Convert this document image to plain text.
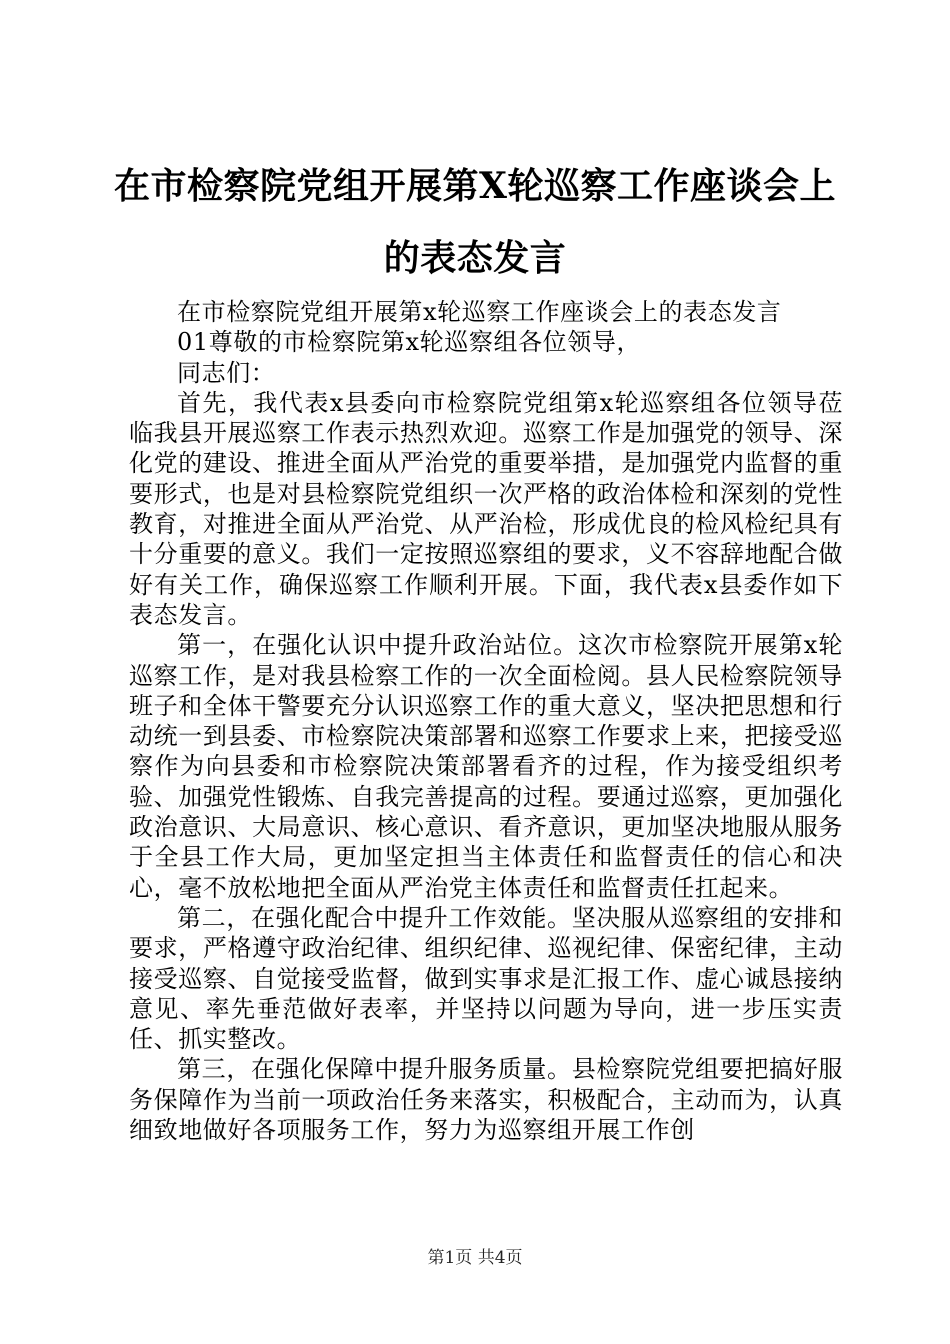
在市检察院党组开展第X轮巡察工作座谈会上的表态发言

在市检察院党组开展第x轮巡察工作座谈会上的表态发言

01尊敬的市检察院第x轮巡察组各位领导，

同志们：

首先，我代表x县委向市检察院党组第x轮巡察组各位领导莅临我县开展巡察工作表示热烈欢迎。巡察工作是加强党的领导、深化党的建设、推进全面从严治党的重要举措，是加强党内监督的重要形式，也是对县检察院党组织一次严格的政治体检和深刻的党性教育，对推进全面从严治党、从严治检，形成优良的检风检纪具有十分重要的意义。我们一定按照巡察组的要求，义不容辞地配合做好有关工作，确保巡察工作顺利开展。下面，我代表x县委作如下表态发言。

第一，在强化认识中提升政治站位。这次市检察院开展第x轮巡察工作，是对我县检察工作的一次全面检阅。县人民检察院领导班子和全体干警要充分认识巡察工作的重大意义，坚决把思想和行动统一到县委、市检察院决策部署和巡察工作要求上来，把接受巡察作为向县委和市检察院决策部署看齐的过程，作为接受组织考验、加强党性锻炼、自我完善提高的过程。要通过巡察，更加强化政治意识、大局意识、核心意识、看齐意识，更加坚决地服从服务于全县工作大局，更加坚定担当主体责任和监督责任的信心和决心，毫不放松地把全面从严治党主体责任和监督责任扛起来。

第二，在强化配合中提升工作效能。坚决服从巡察组的安排和要求，严格遵守政治纪律、组织纪律、巡视纪律、保密纪律，主动接受巡察、自觉接受监督，做到实事求是汇报工作、虚心诚恳接纳意见、率先垂范做好表率，并坚持以问题为导向，进一步压实责任、抓实整改。

第三，在强化保障中提升服务质量。县检察院党组要把搞好服务保障作为当前一项政治任务来落实，积极配合，主动而为，认真细致地做好各项服务工作，努力为巡察组开展工作创

第1页 共4页
